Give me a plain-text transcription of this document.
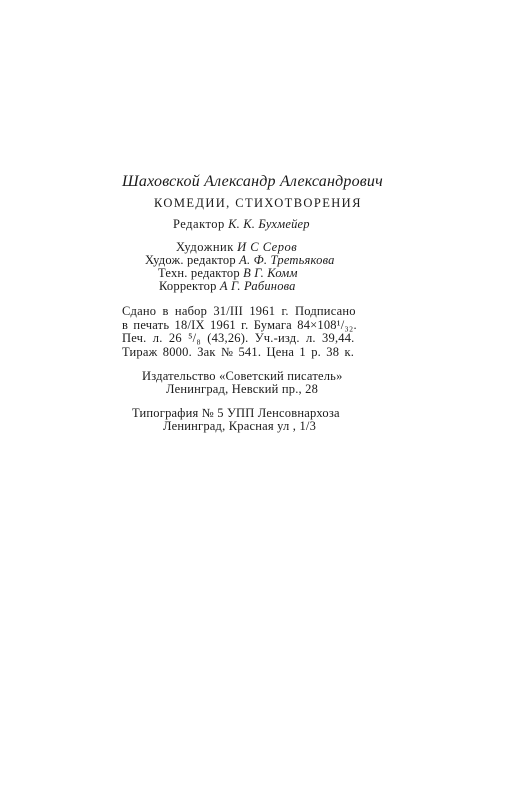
Шаховской Александр Александрович
КОМЕДИИ, СТИХОТВОРЕНИЯ
Редактор К. К. Бухмейер
Художник И С Серов
Худож. редактор А. Ф. Третьякова
Техн. редактор В Г. Комм
Корректор А Г. Рабинова
Сдано в набор 31/III 1961 г. Подписано
в печать 18/IX 1961 г. Бумага 84×108¹/₃₂.
Печ. л. 26 ⁵/₈ (43,26). Уч.-изд. л. 39,44.
Тираж 8000. Зак № 541. Цена 1 р. 38 к.
Издательство «Советский писатель»
Ленинград, Невский пр., 28
Типография № 5 УПП Ленсовнархоза
Ленинград, Красная ул , 1/3
